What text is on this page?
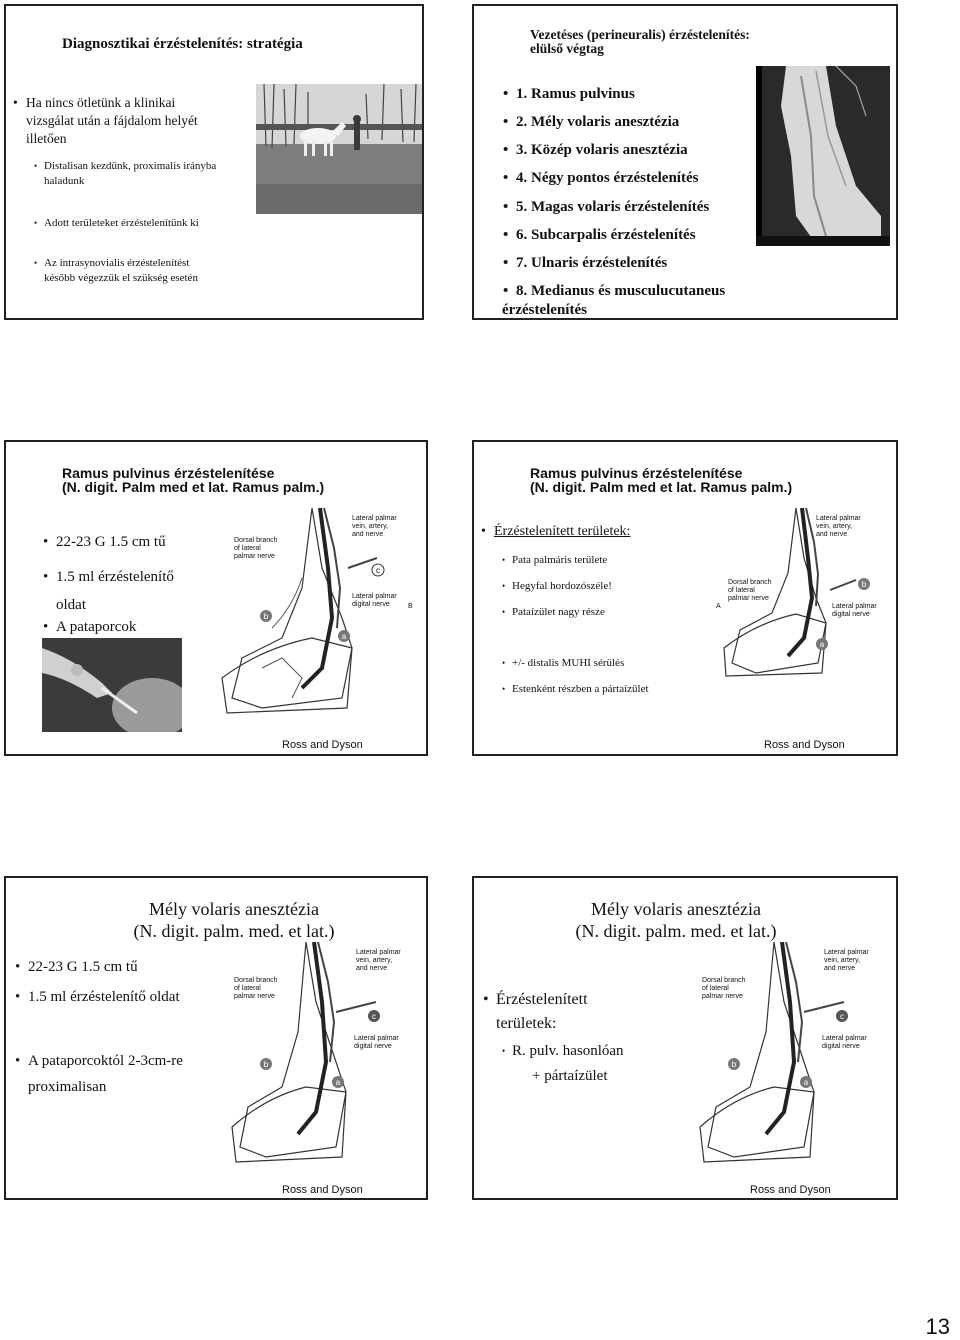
Diagnosztikai érzéstelenítés: stratégia
• Ha nincs ötletünk a klinikai
vizsgálat után a fájdalom helyét
illetően
• Distalisan kezdünk, proximalis irányba
haladunk
• Adott területeket érzéstelenítünk ki
• Az intrasynovialis érzéstelenítést
később végezzük el szükség esetén
Vezetéses (perineuralis) érzéstelenítés:
elülső végtag
• 1. Ramus pulvinus
• 2. Mély volaris anesztézia
• 3. Közép volaris anesztézia
• 4. Négy pontos érzéstelenítés
• 5. Magas volaris érzéstelenítés
• 6. Subcarpalis érzéstelenítés
• 7. Ulnaris érzéstelenítés
• 8. Medianus és musculucutaneus
érzéstelenítés
Ramus pulvinus érzéstelenítése
(N. digit. Palm med et lat. Ramus palm.)
• 22-23 G 1.5 cm tű
• 1.5 ml érzéstelenítő
oldat
• A pataporcok
c
b
a
Dorsal branch
of lateral
palmar nerve
Lateral palmar
vein, artery,
and nerve
Lateral palmar
digital nerve	B
Ross and Dyson
Ramus pulvinus érzéstelenítése
(N. digit. Palm med et lat. Ramus palm.)
• Érzéstelenített területek:
• Pata palmáris területe
• Hegyfal hordozószéle!
• Pataízület nagy része
• +/- distalis MUHI sérülés
• Estenként részben a pártaízület
b
a
Dorsal branch
of lateral
palmar nerve
A
Lateral palmar
vein, artery,
and nerve
Lateral palmar
digital nerve
Ross and Dyson
Mély volaris anesztézia
(N. digit. palm. med. et lat.)
• 22-23 G 1.5 cm tű
• 1.5 ml érzéstelenítő oldat
• A pataporcoktól 2-3cm-re
proximalisan
c
b
a
Dorsal branch
of lateral
palmar nerve
Lateral palmar
vein, artery,
and nerve
Lateral palmar
digital nerve
Ross and Dyson
Mély volaris anesztézia
(N. digit. palm. med. et lat.)
• Érzéstelenített
területek:
• R. pulv. hasonlóan
+ pártaízület
c
b
a
Dorsal branch
of lateral
palmar nerve
Lateral palmar
vein, artery,
and nerve
Lateral palmar
digital nerve
Ross and Dyson
13
